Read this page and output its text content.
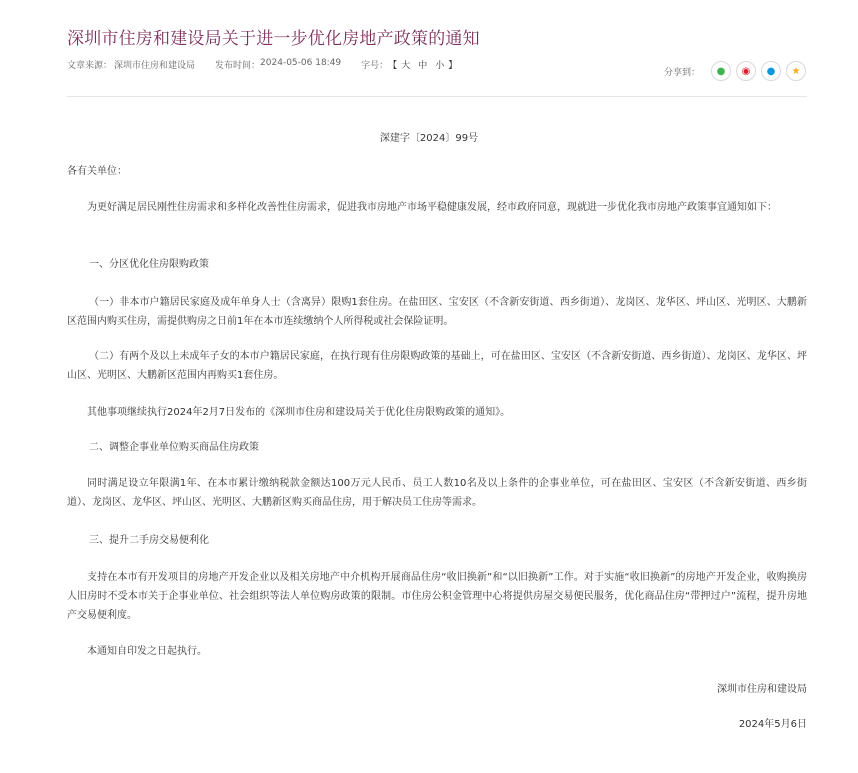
深圳市住房和建设局关于进一步优化房地产政策的通知
文章来源： 深圳市住房和建设局 发布时间： 2024-05-06 18:49 字号： 【 大 中 小 】
分享到： ● ◉ ● ★
深建字〔2024〕99号
各有关单位：
为更好满足居民刚性住房需求和多样化改善性住房需求，促进我市房地产市场平稳健康发展，经市政府同意，现就进一步优化我市房地产政策事宜通知如下：
一、分区优化住房限购政策
（一）非本市户籍居民家庭及成年单身人士（含离异）限购1套住房。在盐田区、宝安区（不含新安街道、西乡街道）、龙岗区、龙华区、坪山区、光明区、大鹏新区范围内购买住房，需提供购房之日前1年在本市连续缴纳个人所得税或社会保险证明。
（二）有两个及以上未成年子女的本市户籍居民家庭，在执行现有住房限购政策的基础上，可在盐田区、宝安区（不含新安街道、西乡街道）、龙岗区、龙华区、坪山区、光明区、大鹏新区范围内再购买1套住房。
其他事项继续执行2024年2月7日发布的《深圳市住房和建设局关于优化住房限购政策的通知》。
二、调整企事业单位购买商品住房政策
同时满足设立年限满1年、在本市累计缴纳税款金额达100万元人民币、员工人数10名及以上条件的企事业单位，可在盐田区、宝安区（不含新安街道、西乡街道）、龙岗区、龙华区、坪山区、光明区、大鹏新区购买商品住房，用于解决员工住房等需求。
三、提升二手房交易便利化
支持在本市有开发项目的房地产开发企业以及相关房地产中介机构开展商品住房“收旧换新”和“以旧换新”工作。对于实施“收旧换新”的房地产开发企业，收购换房人旧房时不受本市关于企事业单位、社会组织等法人单位购房政策的限制。市住房公积金管理中心将提供房屋交易便民服务，优化商品住房“带押过户”流程，提升房地产交易便利度。
本通知自印发之日起执行。
深圳市住房和建设局
2024年5月6日
